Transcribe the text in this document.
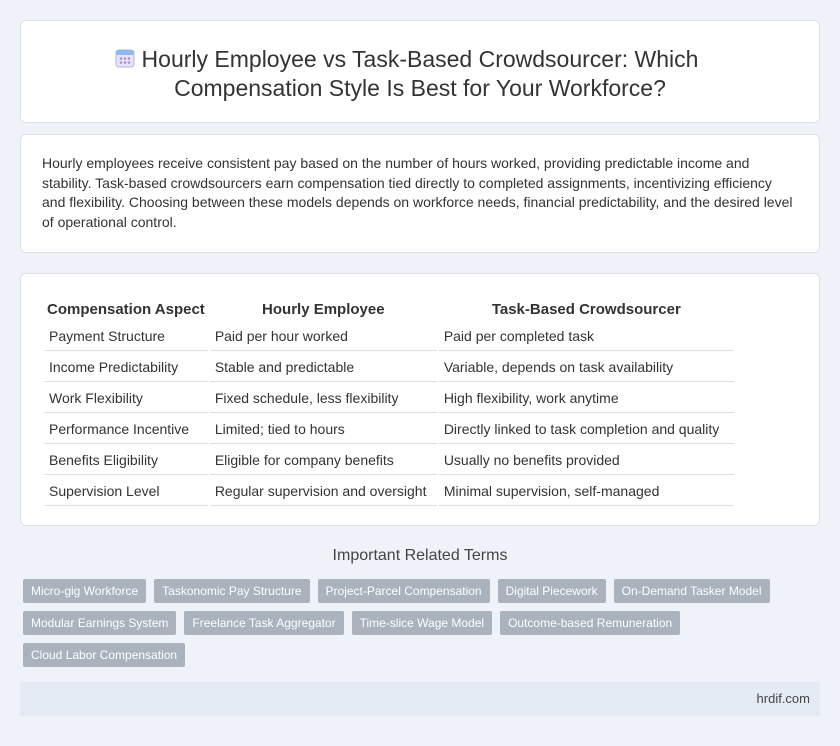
Hourly Employee vs Task-Based Crowdsourcer: Which Compensation Style Is Best for Your Workforce?

Hourly employees receive consistent pay based on the number of hours worked, providing predictable income and stability. Task-based crowdsourcers earn compensation tied directly to completed assignments, incentivizing efficiency and flexibility. Choosing between these models depends on workforce needs, financial predictability, and the desired level of operational control.

Compensation Aspect	Hourly Employee	Task-Based Crowdsourcer
Payment Structure	Paid per hour worked	Paid per completed task
Income Predictability	Stable and predictable	Variable, depends on task availability
Work Flexibility	Fixed schedule, less flexibility	High flexibility, work anytime
Performance Incentive	Limited; tied to hours	Directly linked to task completion and quality
Benefits Eligibility	Eligible for company benefits	Usually no benefits provided
Supervision Level	Regular supervision and oversight	Minimal supervision, self-managed
Important Related Terms
Micro-gig Workforce	Taskonomic Pay Structure	Project-Parcel Compensation	Digital Piecework	On-Demand Tasker Model
Modular Earnings System	Freelance Task Aggregator	Time-slice Wage Model	Outcome-based Remuneration
Cloud Labor Compensation
hrdif.com
